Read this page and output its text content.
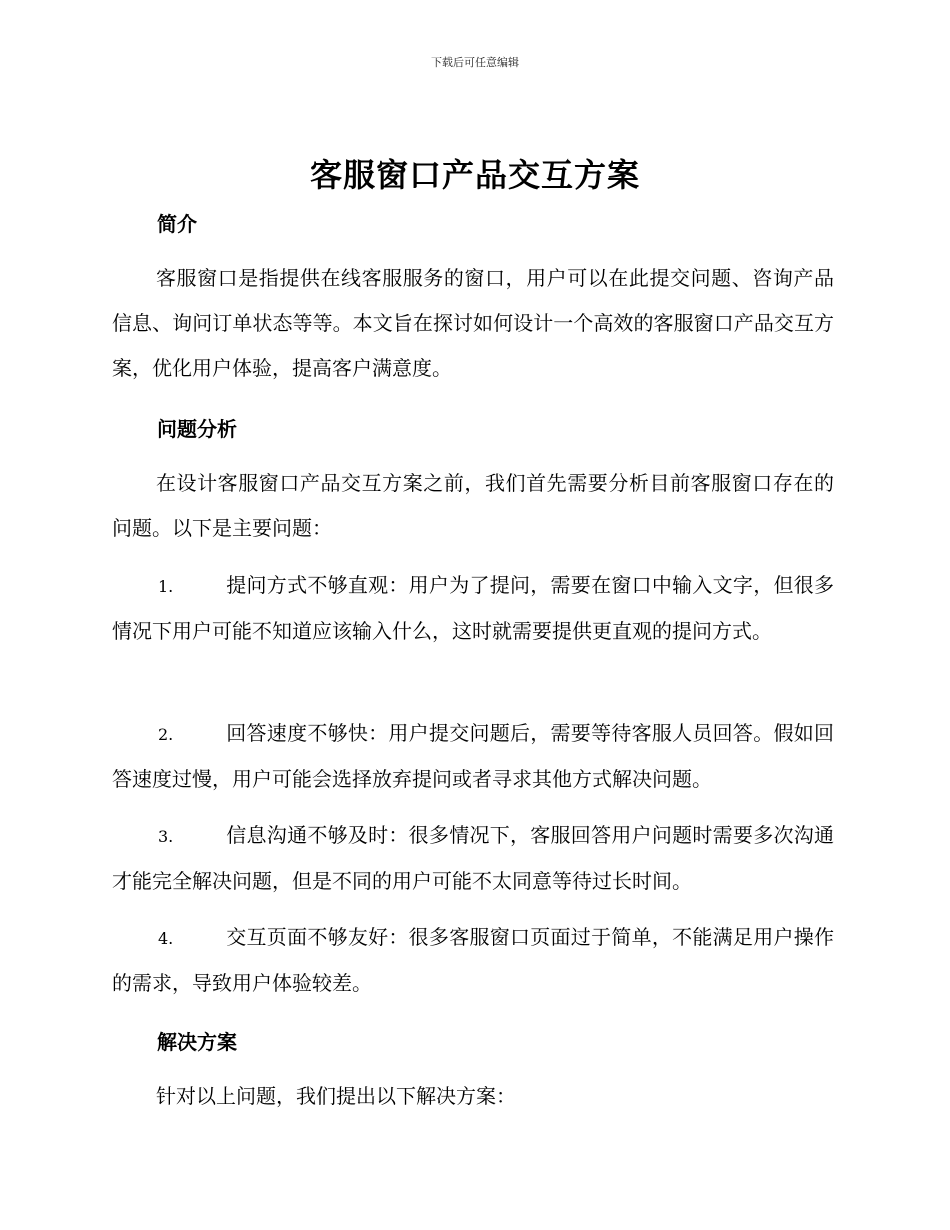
下载后可任意编辑
客服窗口产品交互方案
简介
客服窗口是指提供在线客服服务的窗口，用户可以在此提交问题、咨询产品信息、询问订单状态等等。本文旨在探讨如何设计一个高效的客服窗口产品交互方案，优化用户体验，提高客户满意度。
问题分析
在设计客服窗口产品交互方案之前，我们首先需要分析目前客服窗口存在的问题。以下是主要问题：
1.	提问方式不够直观：用户为了提问，需要在窗口中输入文字，但很多情况下用户可能不知道应该输入什么，这时就需要提供更直观的提问方式。
2.	回答速度不够快：用户提交问题后，需要等待客服人员回答。假如回答速度过慢，用户可能会选择放弃提问或者寻求其他方式解决问题。
3.	信息沟通不够及时：很多情况下，客服回答用户问题时需要多次沟通才能完全解决问题，但是不同的用户可能不太同意等待过长时间。
4.	交互页面不够友好：很多客服窗口页面过于简单，不能满足用户操作的需求，导致用户体验较差。
解决方案
针对以上问题，我们提出以下解决方案：
